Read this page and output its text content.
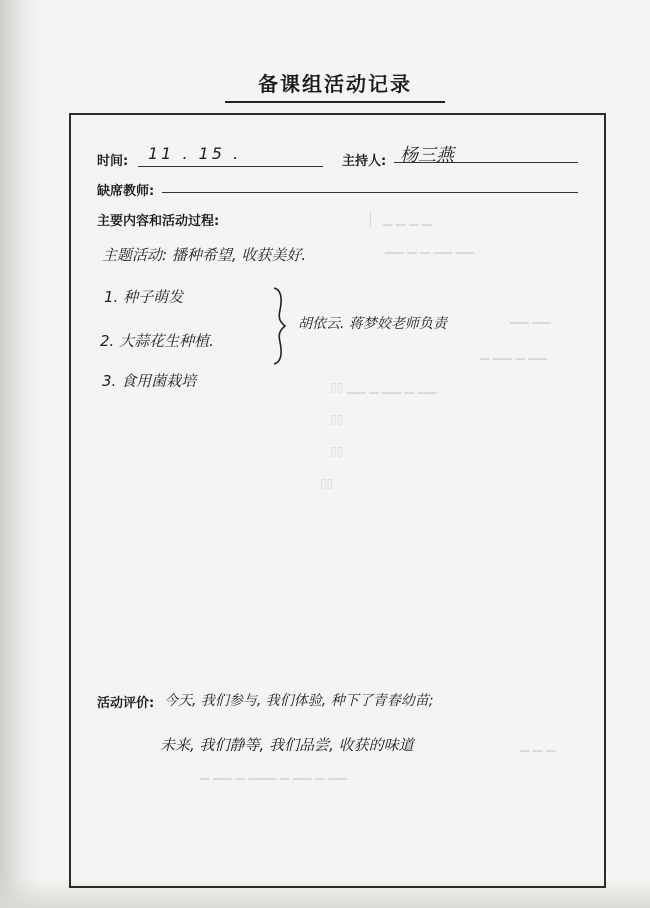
▏ ▁ ▁ ▁ ▁
▁▁ ▁ ▁ ▁▁ ▁▁
▁▁ ▁▁
▁ ▁▁ ▁ ▁▁
▯▯ ▁▁ ▁ ▁▁ ▁ ▁▁
▯▯
▯▯
▯▯
▁ ▁ ▁
▁ ▁▁ ▁ ▁▁▁ ▁ ▁▁ ▁ ▁▁
备课组活动记录
时间: 11 . 15 .	主持人: 杨三燕
缺席教师:
主要内容和活动过程:
主题活动: 播种希望, 收获美好.
1. 种子萌发
2. 大蒜花生种植.
3. 食用菌栽培
胡依云. 蒋梦姣老师负责
活动评价: 今天, 我们参与, 我们体验, 种下了青春幼苗;
未来, 我们静等, 我们品尝, 收获的味道
